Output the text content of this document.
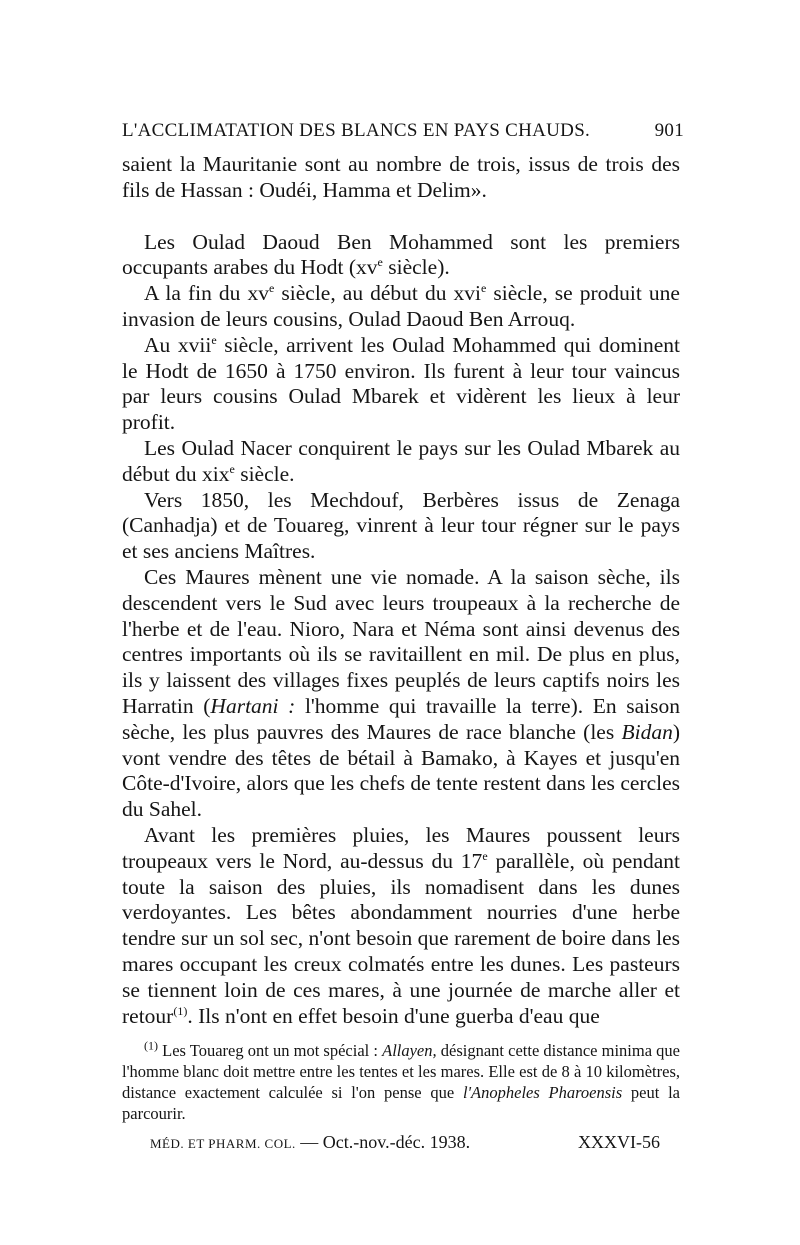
L'ACCLIMATATION DES BLANCS EN PAYS CHAUDS.	901

saient la Mauritanie sont au nombre de trois, issus de trois des fils de Hassan : Oudéi, Hamma et Delim».

Les Oulad Daoud Ben Mohammed sont les premiers occupants arabes du Hodt ($xv^e$ siècle).

A la fin du $xv^e$ siècle, au début du xvi$^e$ siècle, se produit une invasion de leurs cousins, Oulad Daoud Ben Arrouq.

Au xvii$^e$ siècle, arrivent les Oulad Mohammed qui dominent le Hodt de 1650 à 1750 environ. Ils furent à leur tour vaincus par leurs cousins Oulad Mbarek et vidèrent les lieux à leur profit.

Les Oulad Nacer conquirent le pays sur les Oulad Mbarek au début du xix$^e$ siècle.

Vers 1850, les Mechdouf, Berbères issus de Zenaga (Canhadja) et de Touareg, vinrent à leur tour régner sur le pays et ses anciens Maîtres.

Ces Maures mènent une vie nomade. A la saison sèche, ils descendent vers le Sud avec leurs troupeaux à la recherche de l'herbe et de l'eau. Nioro, Nara et Néma sont ainsi devenus des centres importants où ils se ravitaillent en mil. De plus en plus, ils y laissent des villages fixes peuplés de leurs captifs noirs les Harratin (Hartani : l'homme qui travaille la terre). En saison sèche, les plus pauvres des Maures de race blanche (les Bidan) vont vendre des têtes de bétail à Bamako, à Kayes et jusqu'en Côte-d'Ivoire, alors que les chefs de tente restent dans les cercles du Sahel.

Avant les premières pluies, les Maures poussent leurs troupeaux vers le Nord, au-dessus du 17e parallèle, où pendant toute la saison des pluies, ils nomadisent dans les dunes verdoyantes. Les bêtes abondamment nourries d'une herbe tendre sur un sol sec, n'ont besoin que rarement de boire dans les mares occupant les creux colmatés entre les dunes. Les pasteurs se tiennent loin de ces mares, à une journée de marche aller et retour$^{(1)}$. Ils n'ont en effet besoin d'une guerba d'eau que

$^{(1)}$ Les Touareg ont un mot spécial : Allayen, désignant cette distance minima que l'homme blanc doit mettre entre les tentes et les mares. Elle est de 8 à 10 kilomètres, distance exactement calculée si l'on pense que l'Anopheles Pharoensis peut la parcourir.

MÉD. ET PHARM. COL. — Oct.-nov.-déc. 1938.	XXXVI-56
